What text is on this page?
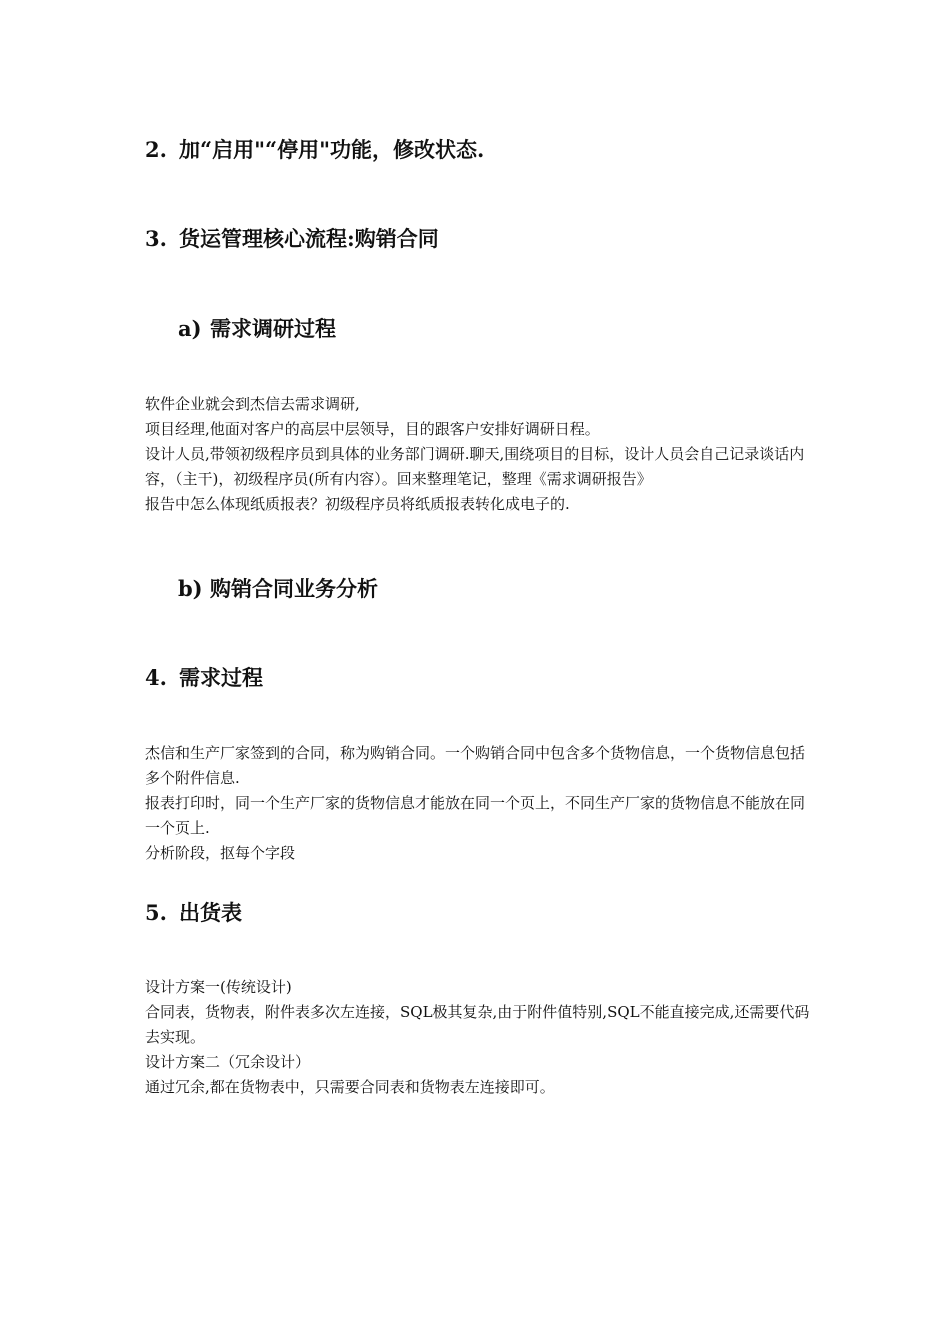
2. 加“启用"“停用"功能，修改状态.
3. 货运管理核心流程:购销合同
a) 需求调研过程

软件企业就会到杰信去需求调研,

项目经理,他面对客户的高层中层领导，目的跟客户安排好调研日程。

设计人员,带领初级程序员到具体的业务部门调研.聊天,围绕项目的目标，设计人员会自己记录谈话内容，（主干)，初级程序员(所有内容）。回来整理笔记，整理《需求调研报告》

报告中怎么体现纸质报表？初级程序员将纸质报表转化成电子的.

b) 购销合同业务分析
4. 需求过程

杰信和生产厂家签到的合同，称为购销合同。一个购销合同中包含多个货物信息，一个货物信息包括多个附件信息.

报表打印时，同一个生产厂家的货物信息才能放在同一个页上，不同生产厂家的货物信息不能放在同一个页上.

分析阶段，抠每个字段

5. 出货表

设计方案一(传统设计)

合同表，货物表，附件表多次左连接，SQL极其复杂,由于附件值特别,SQL不能直接完成,还需要代码去实现。

设计方案二（冗余设计）

通过冗余,都在货物表中，只需要合同表和货物表左连接即可。
